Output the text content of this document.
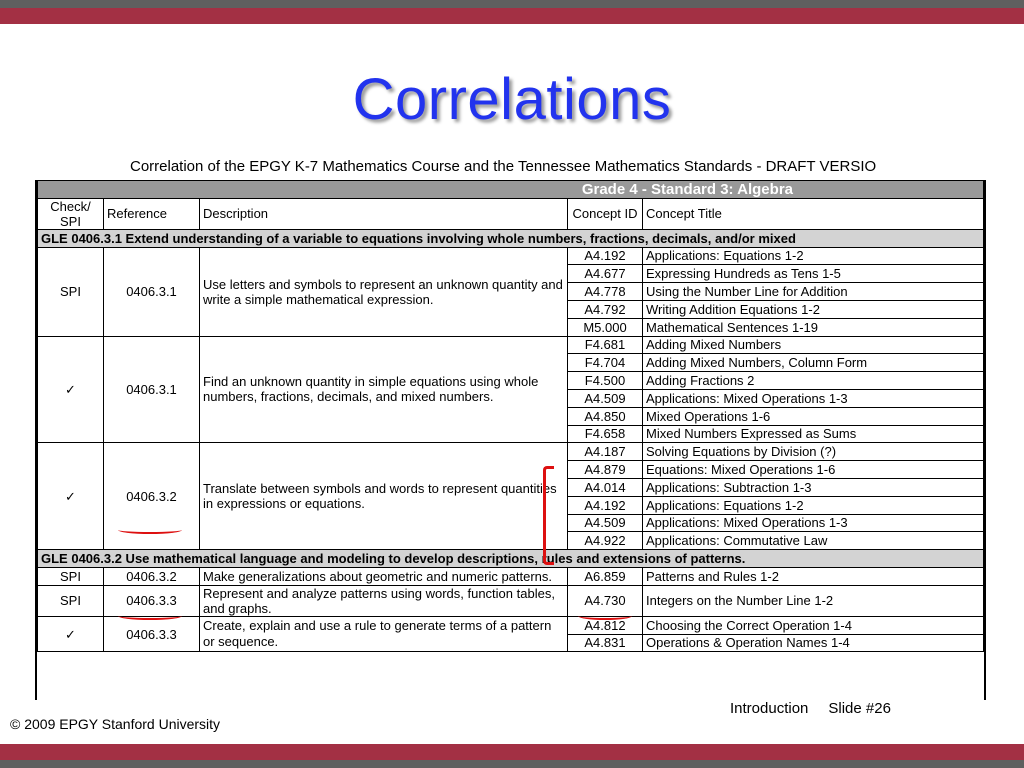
Correlations
Correlation of the EPGY K-7 Mathematics Course and the Tennessee Mathematics Standards - DRAFT VERSIO
Grade 4 - Standard 3: Algebra				
Check/ SPI	Reference	Description	Concept ID	Concept Title
GLE 0406.3.1 Extend understanding of a variable to equations involving whole numbers, fractions, decimals, and/or mixed				
SPI	0406.3.1	Use letters and symbols to represent an unknown quantity and write a simple mathematical expression.	A4.192	Applications: Equations 1-2
			A4.677	Expressing Hundreds as Tens 1-5
			A4.778	Using the Number Line for Addition
			A4.792	Writing Addition Equations 1-2
			M5.000	Mathematical Sentences 1-19
✓	0406.3.1	Find an unknown quantity in simple equations using whole numbers, fractions, decimals, and mixed numbers.	F4.681	Adding Mixed Numbers
			F4.704	Adding Mixed Numbers, Column Form
			F4.500	Adding Fractions 2
			A4.509	Applications: Mixed Operations 1-3
			A4.850	Mixed Operations 1-6
			F4.658	Mixed Numbers Expressed as Sums
✓	0406.3.2	Translate between symbols and words to represent quantities in expressions or equations.	A4.187	Solving Equations by Division (?)
			A4.879	Equations: Mixed Operations 1-6
			A4.014	Applications: Subtraction 1-3
			A4.192	Applications: Equations 1-2
			A4.509	Applications: Mixed Operations 1-3
			A4.922	Applications: Commutative Law
GLE 0406.3.2 Use mathematical language and modeling to develop descriptions, rules and extensions of patterns.				
SPI	0406.3.2	Make generalizations about geometric and numeric patterns.	A6.859	Patterns and Rules 1-2
SPI	0406.3.3	Represent and analyze patterns using words, function tables, and graphs.	A4.730	Integers on the Number Line 1-2
✓	0406.3.3	Create, explain and use a rule to generate terms of a pattern or sequence.	A4.812	Choosing the Correct Operation 1-4
			A4.831	Operations & Operation Names 1-4
Introduction Slide #26
© 2009 EPGY Stanford University
